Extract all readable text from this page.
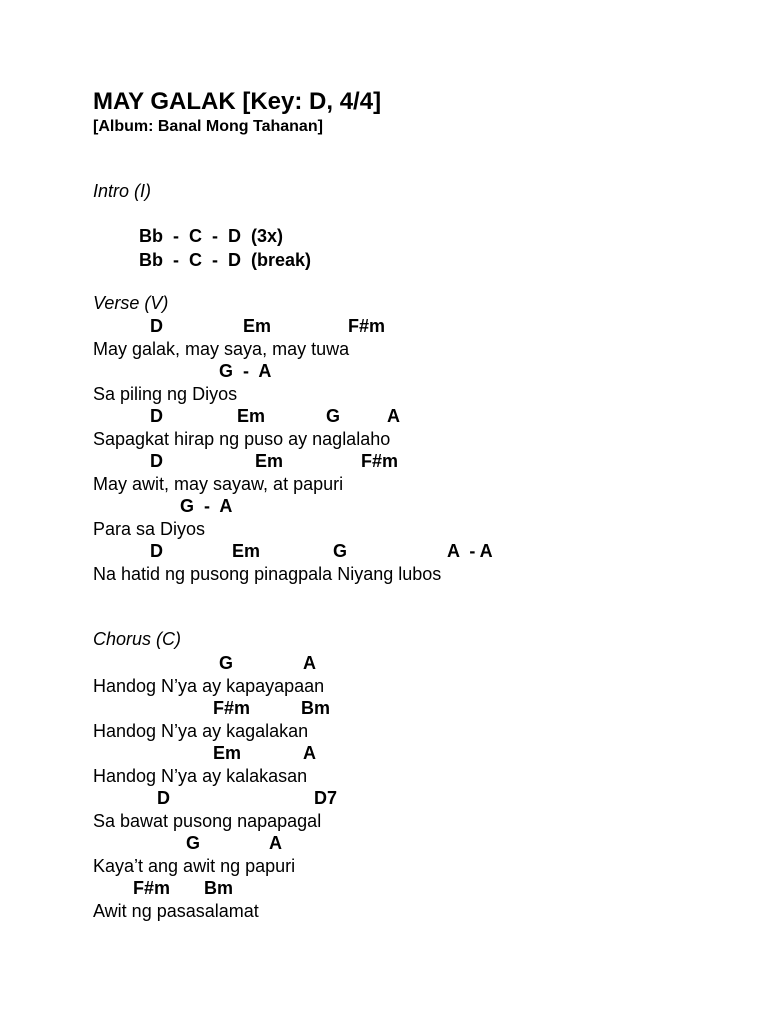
MAY GALAK [Key: D, 4/4]
[Album: Banal Mong Tahanan]
Intro (I)
Bb  -  C  -  D  (3x)
Bb  -  C  -  D  (break)
Verse (V)
D	Em	F#m
May galak, may saya, may tuwa
G  -  A
Sa piling ng Diyos
D	Em	G	A
Sapagkat hirap ng puso ay naglalaho
D	Em	F#m
May awit, may sayaw, at papuri
G  -  A
Para sa Diyos
D	Em	G	A  - A
Na hatid ng pusong pinagpala Niyang lubos
Chorus (C)
G	A
Handog N’ya ay kapayapaan
F#m	Bm
Handog N’ya ay kagalakan
Em	A
Handog N’ya ay kalakasan
D	D7
Sa bawat pusong napapagal
G	A
Kaya’t ang awit ng papuri
F#m Bm
Awit ng pasasalamat
